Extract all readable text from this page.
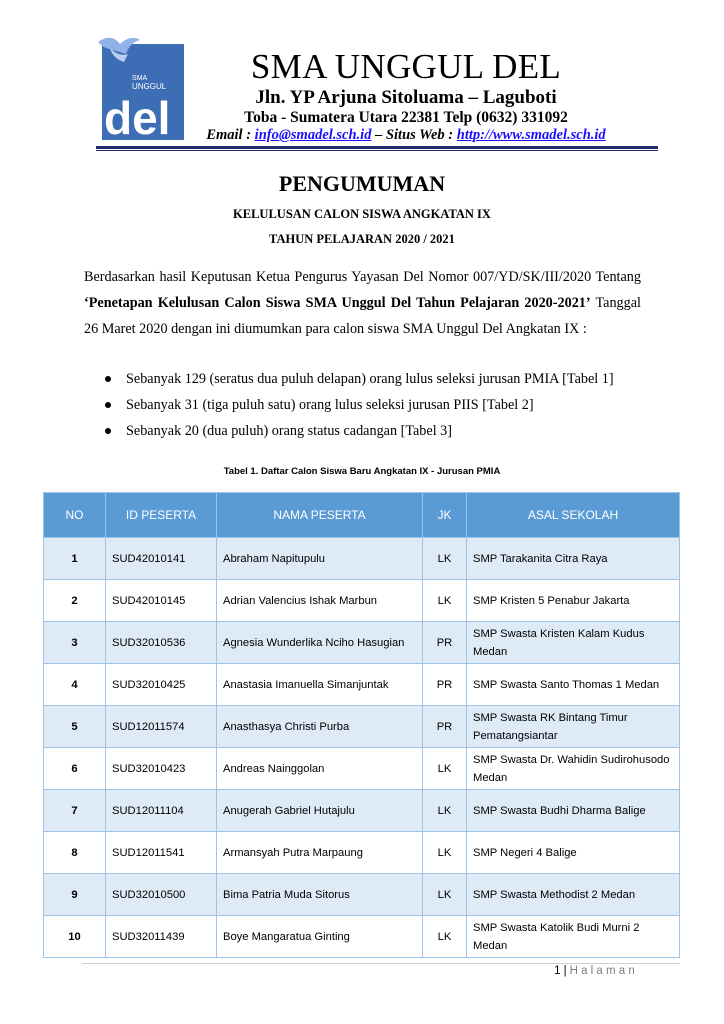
SMA
UNGGUL
del
SMA UNGGUL DEL
Jln. YP Arjuna Sitoluama – Laguboti
Toba - Sumatera Utara 22381 Telp (0632) 331092
Email : info@smadel.sch.id – Situs Web : http://www.smadel.sch.id
PENGUMUMAN
KELULUSAN CALON SISWA ANGKATAN IX
TAHUN PELAJARAN 2020 / 2021
Berdasarkan hasil Keputusan Ketua Pengurus Yayasan Del Nomor 007/YD/SK/III/2020 Tentang ‘Penetapan Kelulusan Calon Siswa SMA Unggul Del Tahun Pelajaran 2020-2021’ Tanggal 26 Maret 2020 dengan ini diumumkan para calon siswa SMA Unggul Del Angkatan IX :
Sebanyak 129 (seratus dua puluh delapan) orang lulus seleksi jurusan PMIA [Tabel 1]
Sebanyak 31 (tiga puluh satu) orang lulus seleksi jurusan PIIS [Tabel 2]
Sebanyak 20 (dua puluh) orang status cadangan [Tabel 3]
Tabel 1. Daftar Calon Siswa Baru Angkatan IX - Jurusan PMIA
NO	ID PESERTA	NAMA PESERTA	JK	ASAL SEKOLAH
1	SUD42010141	Abraham Napitupulu	LK	SMP Tarakanita Citra Raya
2	SUD42010145	Adrian Valencius Ishak Marbun	LK	SMP Kristen 5 Penabur Jakarta
3	SUD32010536	Agnesia Wunderlika Nciho Hasugian	PR	SMP Swasta Kristen Kalam Kudus Medan
4	SUD32010425	Anastasia Imanuella Simanjuntak	PR	SMP Swasta Santo Thomas 1 Medan
5	SUD12011574	Anasthasya Christi Purba	PR	SMP Swasta RK Bintang Timur Pematangsiantar
6	SUD32010423	Andreas Nainggolan	LK	SMP Swasta Dr. Wahidin Sudirohusodo Medan
7	SUD12011104	Anugerah Gabriel Hutajulu	LK	SMP Swasta Budhi Dharma Balige
8	SUD12011541	Armansyah Putra Marpaung	LK	SMP Negeri 4 Balige
9	SUD32010500	Bima Patria Muda Sitorus	LK	SMP Swasta Methodist 2 Medan
10	SUD32011439	Boye Mangaratua Ginting	LK	SMP Swasta Katolik Budi Murni 2 Medan
1 | Halaman
